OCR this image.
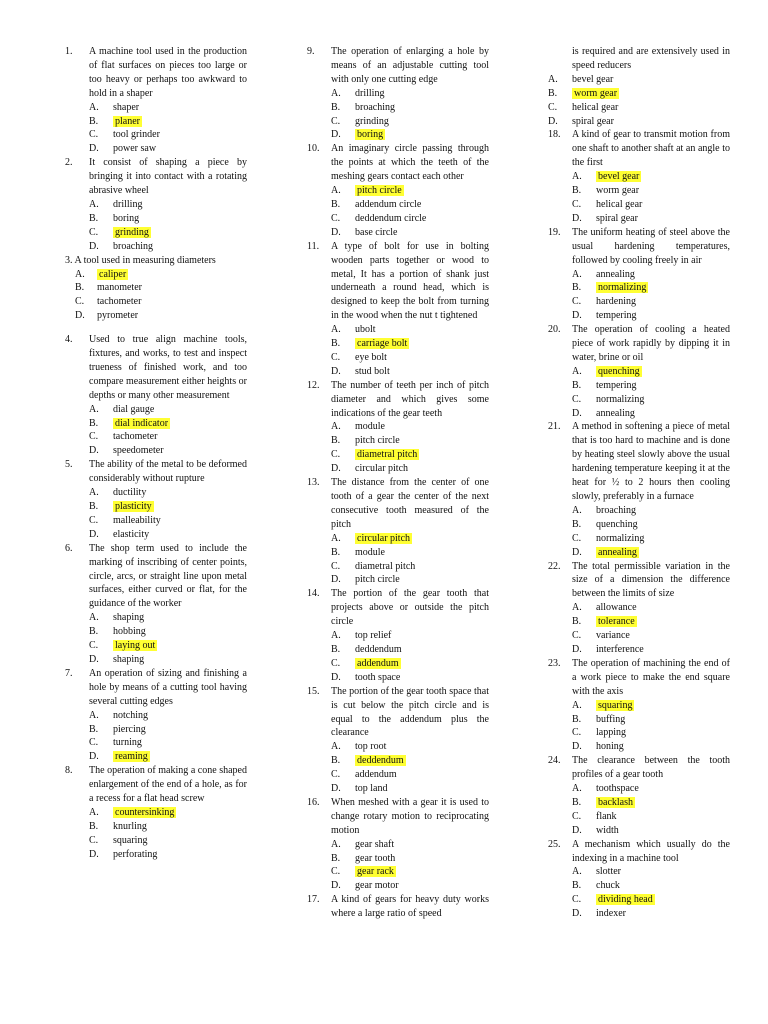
1.	A machine tool used in the production of flat surfaces on pieces too large or too heavy or perhaps too awkward to hold in a shaper
A. shaper
B. planer
C. tool grinder
D. power saw
2.	It consist of shaping a piece by bringing it into contact with a rotating abrasive wheel
A. drilling
B. boring
C. grinding
D. broaching
3. A tool used in measuring diameters
A. caliper
B. manometer
C. tachometer
D. pyrometer
4.	Used to true align machine tools, fixtures, and works, to test and inspect trueness of finished work, and too compare measurement either heights or depths or many other measurement
A. dial gauge
B. dial indicator
C. tachometer
D. speedometer
5.	The ability of the metal to be deformed considerably without rupture
A. ductility
B. plasticity
C. malleability
D. elasticity
6.	The shop term used to include the marking of inscribing of center points, circle, arcs, or straight line upon metal surfaces, either curved or flat, for the guidance of the worker
A. shaping
B. hobbing
C. laying out
D. shaping
7.	An operation of sizing and finishing a hole by means of a cutting tool having several cutting edges
A. notching
B. piercing
C. turning
D. reaming
8.	The operation of making a cone shaped enlargement of the end of a hole, as for a recess for a flat head screw
A. countersinking
B. knurling
C. squaring
D. perforating
9.	The operation of enlarging a hole by means of an adjustable cutting tool with only one cutting edge
A. drilling
B. broaching
C. grinding
D. boring
10.	An imaginary circle passing through the points at which the teeth of the meshing gears contact each other
A. pitch circle
B. addendum circle
C. deddendum circle
D. base circle
11.	A type of bolt for use in bolting wooden parts together or wood to metal, It has a portion of shank just underneath a round head, which is designed to keep the bolt from turning in the wood when the nut t tightened
A. ubolt
B. carriage bolt
C. eye bolt
D. stud bolt
12.	The number of teeth per inch of pitch diameter and which gives some indications of the gear teeth
A. module
B. pitch circle
C. diametral pitch
D. circular pitch
13.	The distance from the center of one tooth of a gear the center of the next consecutive tooth measured of the pitch
A. circular pitch
B. module
C. diametral pitch
D. pitch circle
14.	The portion of the gear tooth that projects above or outside the pitch circle
A. top relief
B. deddendum
C. addendum
D. tooth space
15.	The portion of the gear tooth space that is cut below the pitch circle and is equal to the addendum plus the clearance
A. top root
B. deddendum
C. addendum
D. top land
16.	When meshed with a gear it is used to change rotary motion to reciprocating motion
A. gear shaft
B. gear tooth
C. gear rack
D. gear motor
17.	A kind of gears for heavy duty works where a large ratio of speed
is required and are extensively used in speed reducers
A. bevel gear
B. worm gear
C. helical gear
D. spiral gear
18.	A kind of gear to transmit motion from one shaft to another shaft at an angle to the first
A. bevel gear
B. worm gear
C. helical gear
D. spiral gear
19.	The uniform heating of steel above the usual hardening temperatures, followed by cooling freely in air
A. annealing
B. normalizing
C. hardening
D. tempering
20.	The operation of cooling a heated piece of work rapidly by dipping it in water, brine or oil
A. quenching
B. tempering
C. normalizing
D. annealing
21.	A method in softening a piece of metal that is too hard to machine and is done by heating steel slowly above the usual hardening temperature keeping it at the heat for ½ to 2 hours then cooling slowly, preferably in a furnace
A. broaching
B. quenching
C. normalizing
D. annealing
22.	The total permissible variation in the size of a dimension the difference between the limits of size
A. allowance
B. tolerance
C. variance
D. interference
23.	The operation of machining the end of a work piece to make the end square with the axis
A. squaring
B. buffing
C. lapping
D. honing
24.	The clearance between the tooth profiles of a gear tooth
A. toothspace
B. backlash
C. flank
D. width
25.	A mechanism which usually do the indexing in a machine tool
A. slotter
B. chuck
C. dividing head
D. indexer
